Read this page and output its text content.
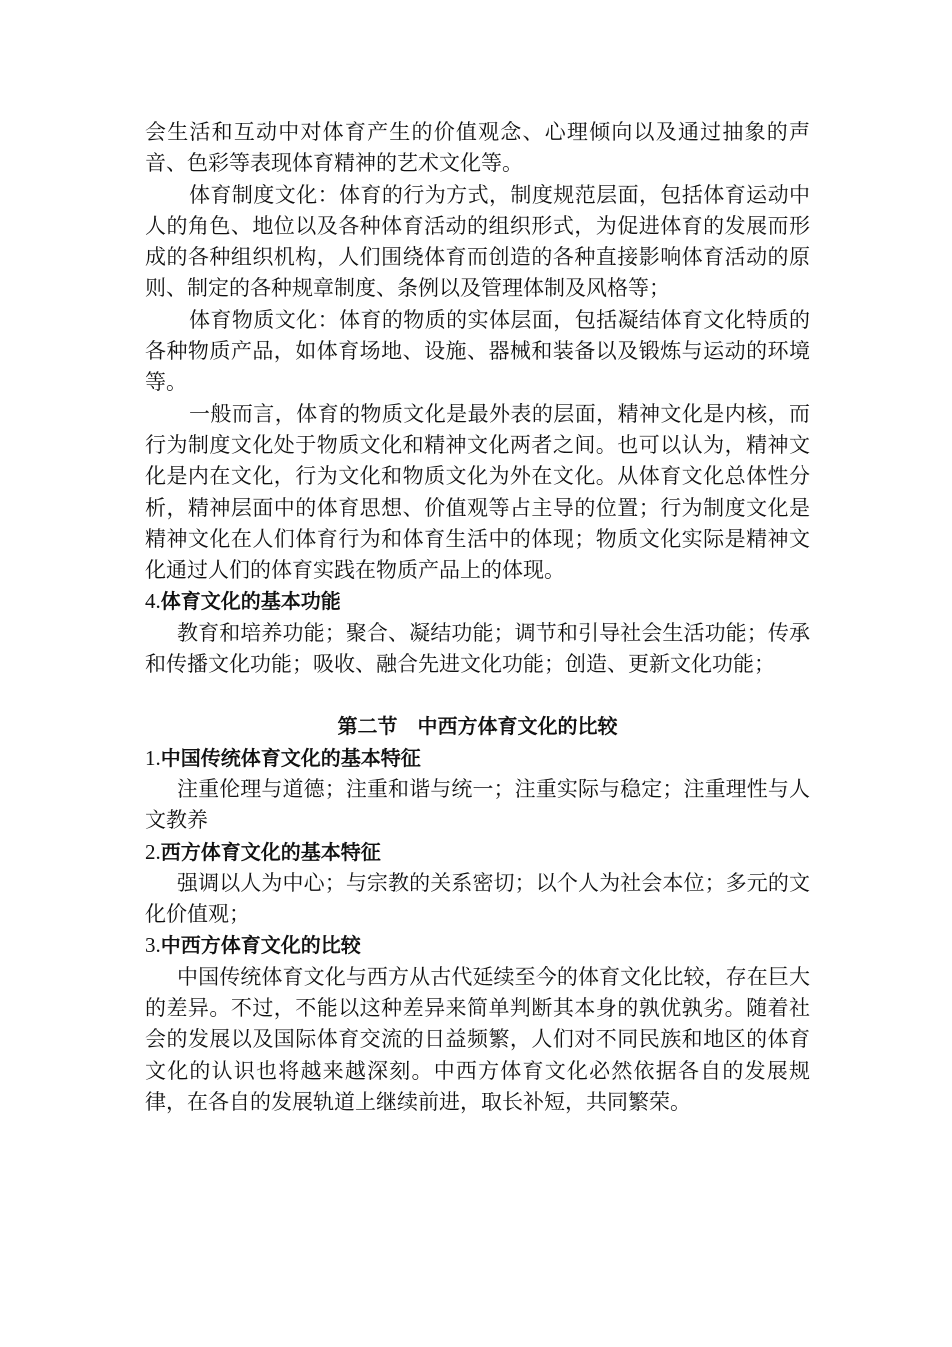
会生活和互动中对体育产生的价值观念、心理倾向以及通过抽象的声音、色彩等表现体育精神的艺术文化等。

体育制度文化：体育的行为方式，制度规范层面，包括体育运动中人的角色、地位以及各种体育活动的组织形式，为促进体育的发展而形成的各种组织机构，人们围绕体育而创造的各种直接影响体育活动的原则、制定的各种规章制度、条例以及管理体制及风格等；

体育物质文化：体育的物质的实体层面，包括凝结体育文化特质的各种物质产品，如体育场地、设施、器械和装备以及锻炼与运动的环境等。

一般而言，体育的物质文化是最外表的层面，精神文化是内核，而行为制度文化处于物质文化和精神文化两者之间。也可以认为，精神文化是内在文化，行为文化和物质文化为外在文化。从体育文化总体性分析，精神层面中的体育思想、价值观等占主导的位置；行为制度文化是精神文化在人们体育行为和体育生活中的体现；物质文化实际是精神文化通过人们的体育实践在物质产品上的体现。

4.体育文化的基本功能

教育和培养功能；聚合、凝结功能；调节和引导社会生活功能；传承和传播文化功能；吸收、融合先进文化功能；创造、更新文化功能；

第二节　中西方体育文化的比较

1.中国传统体育文化的基本特征

注重伦理与道德；注重和谐与统一；注重实际与稳定；注重理性与人文教养

2.西方体育文化的基本特征

强调以人为中心；与宗教的关系密切；以个人为社会本位；多元的文化价值观；

3.中西方体育文化的比较

中国传统体育文化与西方从古代延续至今的体育文化比较，存在巨大的差异。不过，不能以这种差异来简单判断其本身的孰优孰劣。随着社会的发展以及国际体育交流的日益频繁，人们对不同民族和地区的体育文化的认识也将越来越深刻。中西方体育文化必然依据各自的发展规律，在各自的发展轨道上继续前进，取长补短，共同繁荣。
